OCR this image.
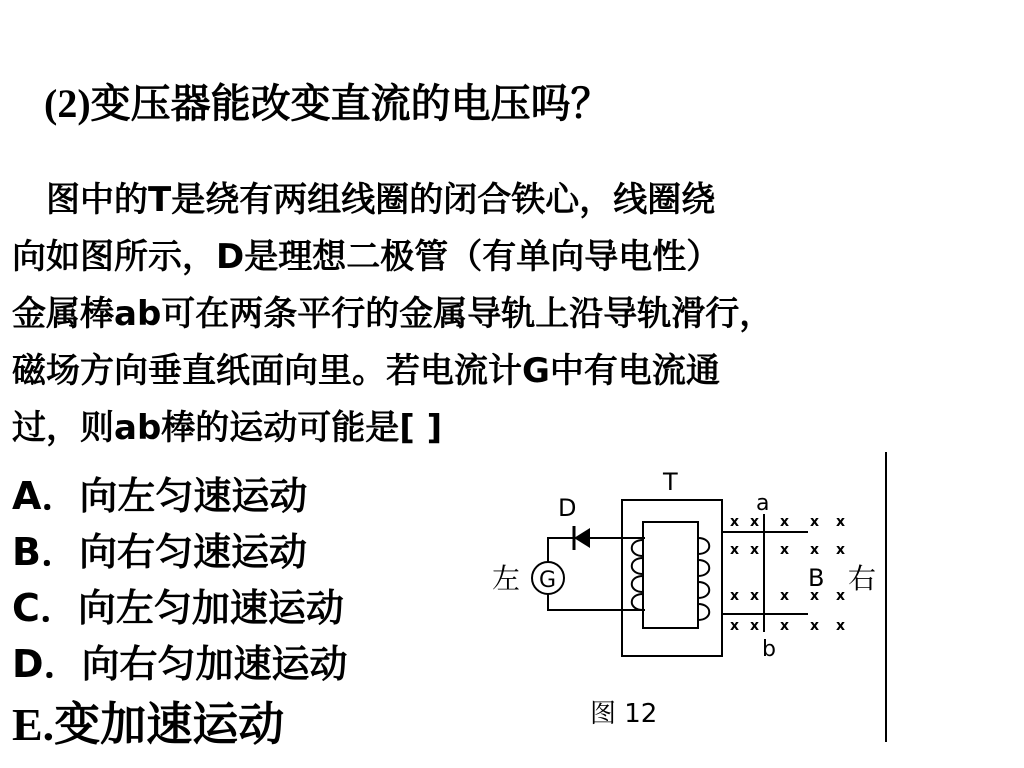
(2)变压器能改变直流的电压吗？
　图中的T是绕有两组线圈的闭合铁心，线圈绕
向如图所示，D是理想二极管（有单向导电性）
金属棒ab可在两条平行的金属导轨上沿导轨滑行，
磁场方向垂直纸面向里。若电流计G中有电流通
过，则ab棒的运动可能是[ ]
A．向左匀速运动
B．向右匀速运动
C．向左匀加速运动
D．向右匀加速运动
E.变加速运动
T
D
G
左
a
b
B 右
x x x x x
x x x x x
x x x x x
x x x x x
图 12
